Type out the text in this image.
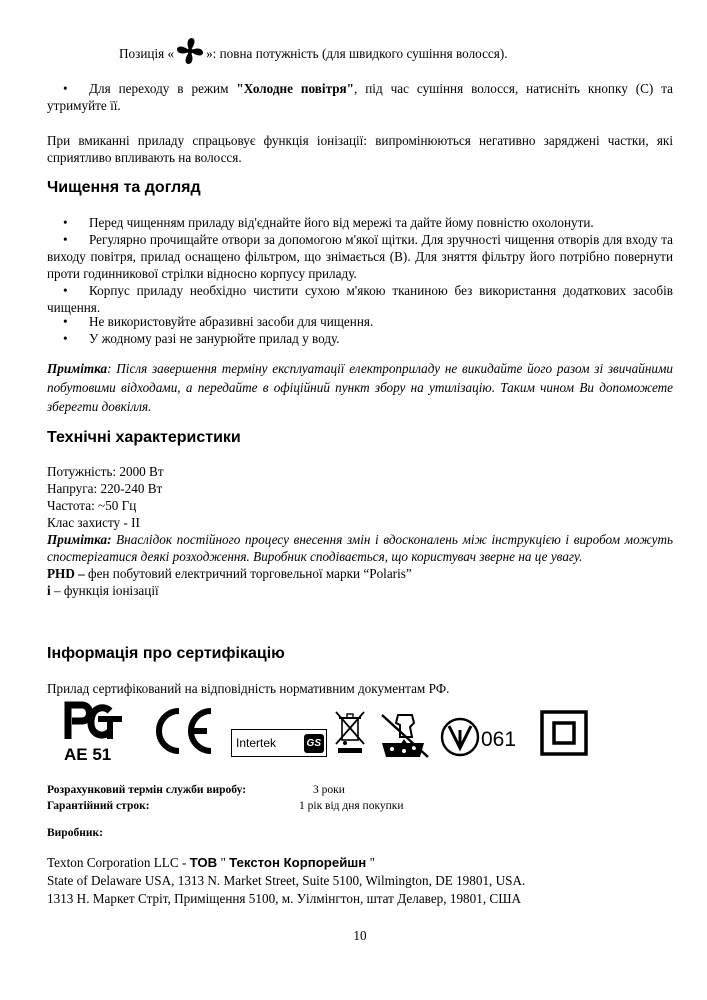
Позиція « »: повна потужність (для швидкого сушіння волосся).
•	Для переходу в режим "Холодне повітря", під час сушіння волосся, натисніть кнопку (С) та утримуйте її.

При вмиканні приладу спрацьовує функція іонізації: випромінюються негативно заряджені частки, які сприятливо впливають на волосся.

Чищення та догляд
•	Перед чищенням приладу від'єднайте його від мережі та дайте йому повністю охолонути.

•	Регулярно прочищайте отвори за допомогою м'якої щітки. Для зручності чищення отворів для входу та виходу повітря, прилад оснащено фільтром, що знімається (B). Для зняття фільтру його потрібно повернути проти годинникової стрілки відносно корпусу приладу.

•	Корпус приладу необхідно чистити сухою м'якою тканиною без використання додаткових засобів чищення.

•	Не використовуйте абразивні засоби для чищення.

•	У жодному разі не занурюйте прилад у воду.

Примітка: Після завершення терміну експлуатації електроприладу не викидайте його разом зі звичайними побутовими відходами, а передайте в офіційний пункт збору на утилізацію. Таким чином Ви допоможете зберегти довкілля.

Технічні характеристики

Потужність: 2000 Вт

Напруга: 220-240 Вт

Частота: ~50 Гц

Клас захисту - II

Примітка: Внаслідок постійного процесу внесення змін і вдосконалень між інструкцією і виробом можуть спостерігатися деякі розходження. Виробник сподівається, що користувач зверне на це увагу.

PHD – фен побутовий електричний торговельної марки “Polaris”

i – функція іонізації

Інформація про сертифікацію

Прилад сертифікований на відповідність нормативним документам РФ.

AE 51
Intertek	GS	061
Розрахунковий термін служби виробу:	3 роки
Гарантійний строк:	1 рік від дня покупки
Виробник:

Texton Corporation LLC - ТОВ " Текстон Корпорейшн "

State of Delaware USA, 1313 N. Market Street, Suite 5100, Wilmington, DE 19801, USA.

1313 Н. Маркет Стріт, Приміщення 5100, м. Уілмінгтон, штат Делавер, 19801, США

10
